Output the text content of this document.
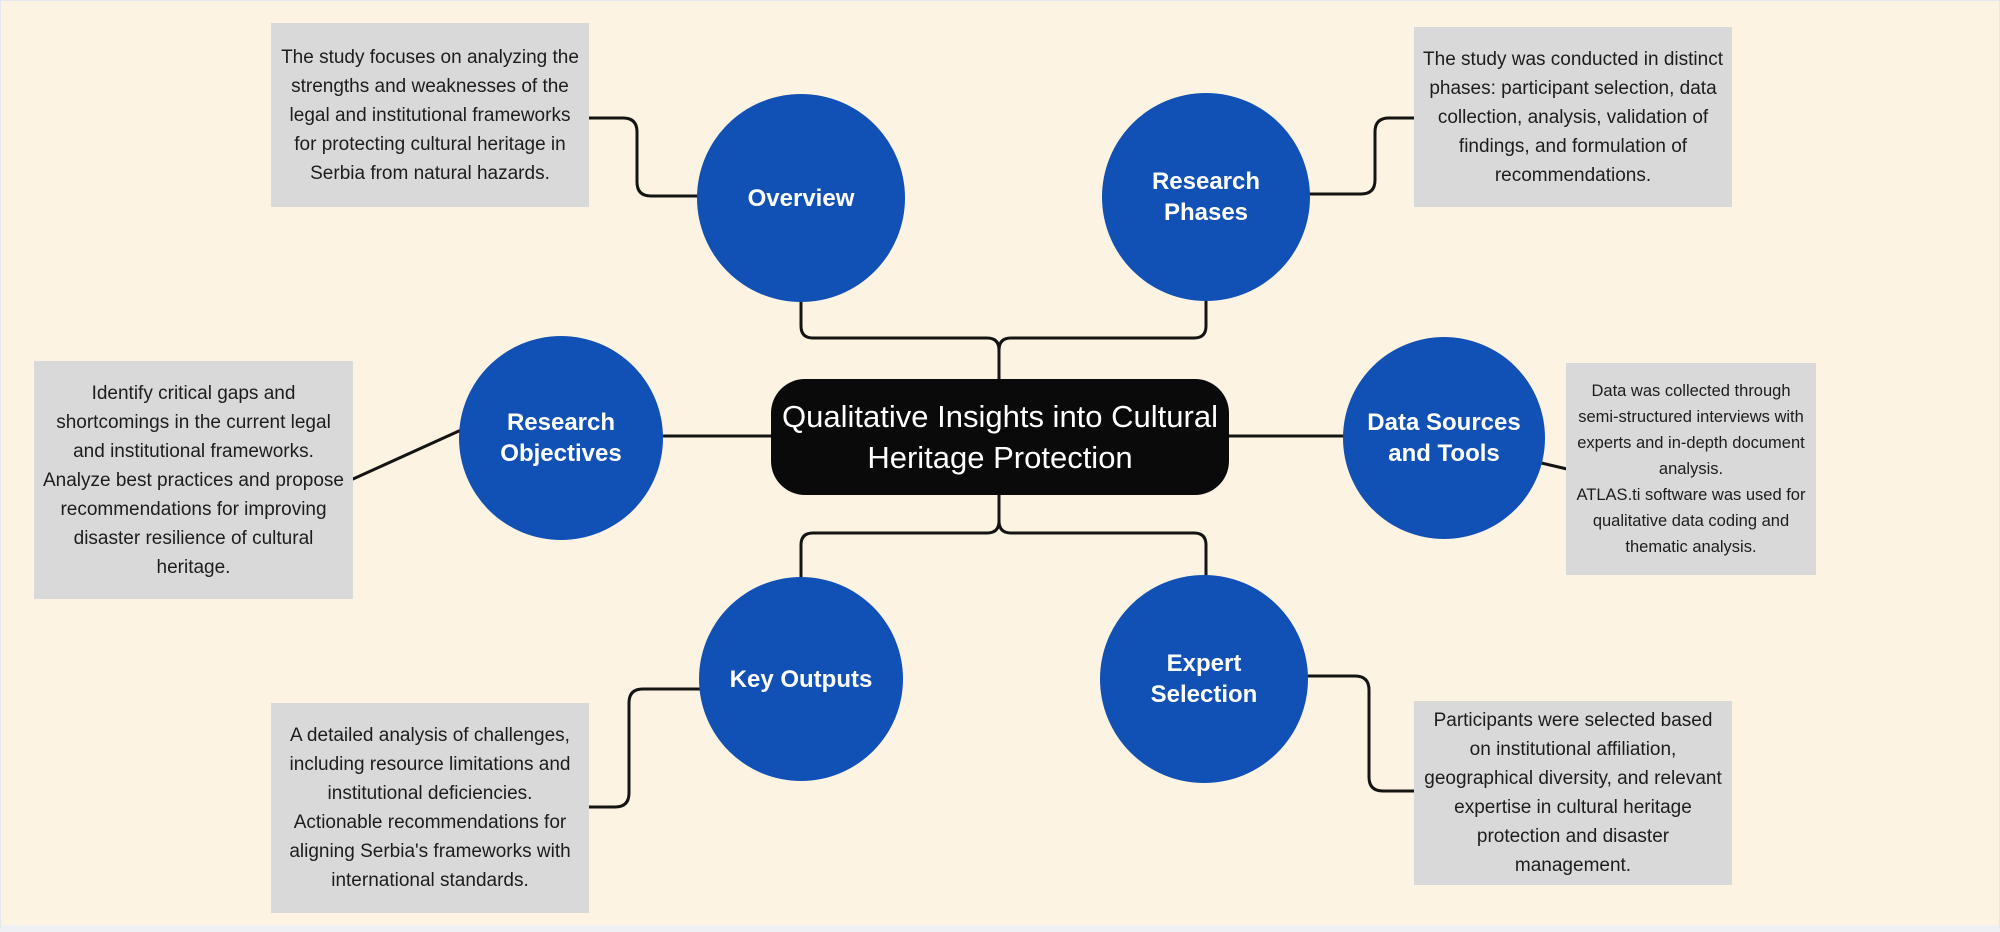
The study focuses on analyzing the strengths and weaknesses of the legal and institutional frameworks for protecting cultural heritage in Serbia from natural hazards.
The study was conducted in distinct phases: participant selection, data collection, analysis, validation of findings, and formulation of recommendations.
Identify critical gaps and shortcomings in the current legal and institutional frameworks.
Analyze best practices and propose recommendations for improving disaster resilience of cultural heritage.
Data was collected through semi-structured interviews with experts and in-depth document analysis.
ATLAS.ti software was used for qualitative data coding and thematic analysis.
A detailed analysis of challenges, including resource limitations and institutional deficiencies.
Actionable recommendations for aligning Serbia's frameworks with international standards.
Participants were selected based on institutional affiliation, geographical diversity, and relevant expertise in cultural heritage protection and disaster management.
Overview
Research Phases
Research Objectives
Data Sources and Tools
Key Outputs
Expert Selection
Qualitative Insights into Cultural Heritage Protection
